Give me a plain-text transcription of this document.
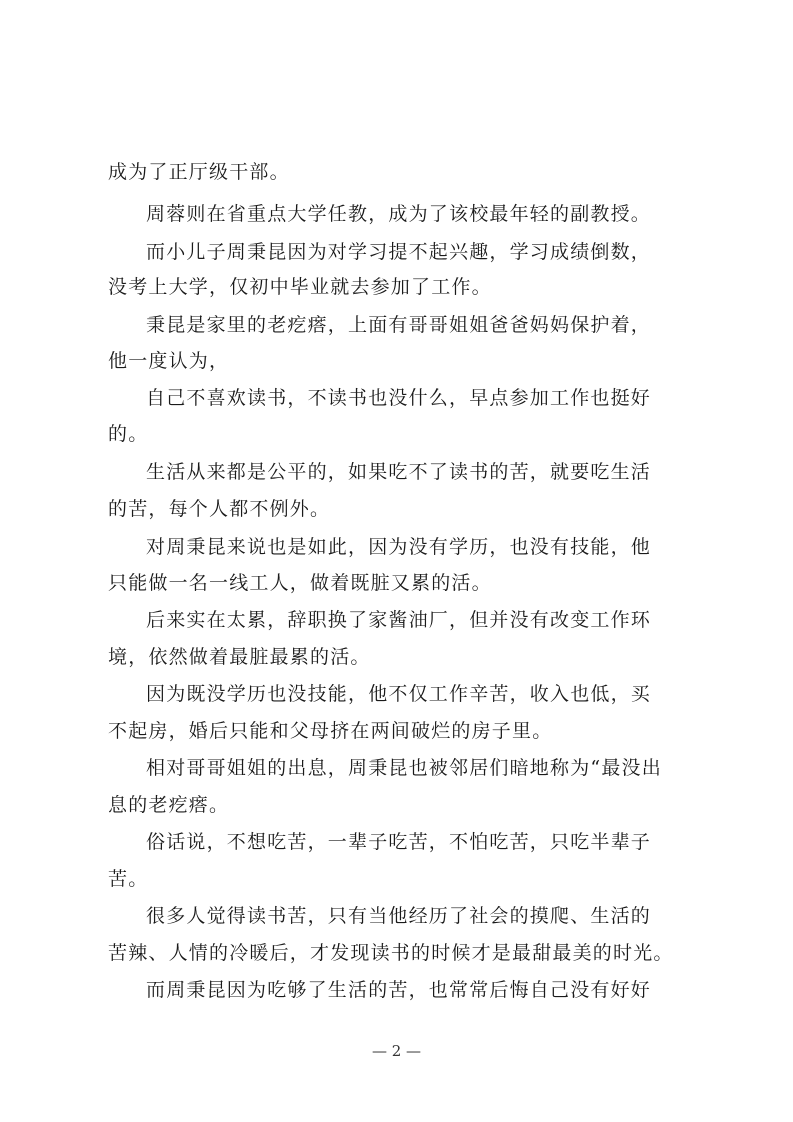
成为了正厅级干部。
周蓉则在省重点大学任教，成为了该校最年轻的副教授。
而小儿子周秉昆因为对学习提不起兴趣，学习成绩倒数，
没考上大学，仅初中毕业就去参加了工作。
秉昆是家里的老疙瘩，上面有哥哥姐姐爸爸妈妈保护着，
他一度认为，
自己不喜欢读书，不读书也没什么，早点参加工作也挺好
的。
生活从来都是公平的，如果吃不了读书的苦，就要吃生活
的苦，每个人都不例外。
对周秉昆来说也是如此，因为没有学历，也没有技能，他
只能做一名一线工人，做着既脏又累的活。
后来实在太累，辞职换了家酱油厂，但并没有改变工作环
境，依然做着最脏最累的活。
因为既没学历也没技能，他不仅工作辛苦，收入也低，买
不起房，婚后只能和父母挤在两间破烂的房子里。
相对哥哥姐姐的出息，周秉昆也被邻居们暗地称为“最没出
息的老疙瘩。
俗话说，不想吃苦，一辈子吃苦，不怕吃苦，只吃半辈子
苦。
很多人觉得读书苦，只有当他经历了社会的摸爬、生活的
苦辣、人情的冷暖后，才发现读书的时候才是最甜最美的时光。
而周秉昆因为吃够了生活的苦，也常常后悔自己没有好好
— 2 —
